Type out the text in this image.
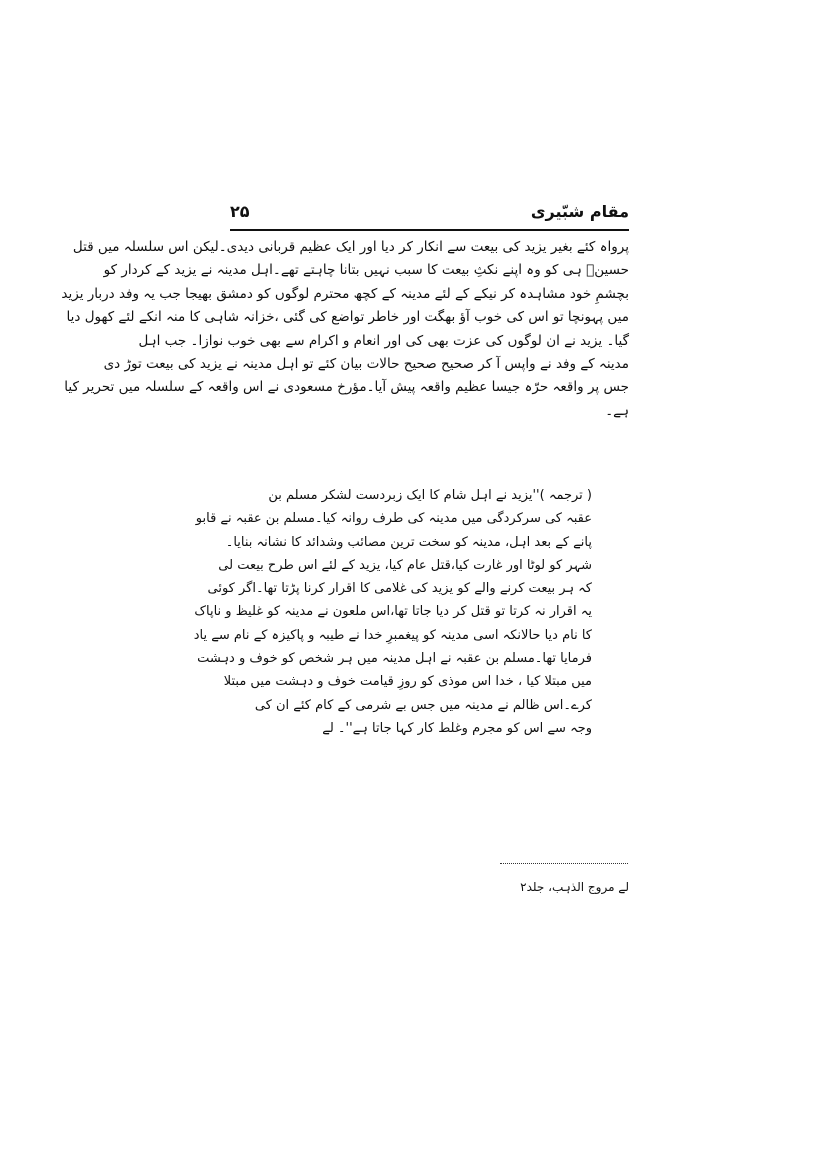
مقام شبّیری
۲۵
پرواہ کئے بغیر یزید کی بیعت سے انکار کر دیا اور ایک عظیم قربانی دیدی۔لیکن اس سلسلہ میں قتل
حسینؑ ہی کو وہ اپنے نکثِ بیعت کا سبب نہیں بتانا چاہتے تھے۔اہل مدینہ نے یزید کے کردار کو
بچشمِ خود مشاہدہ کر نیکے کے لئے مدینہ کے کچھ محترم لوگوں کو دمشق بھیجا جب یہ وفد دربار یزید
میں پہونچا تو اس کی خوب آؤ بھگت اور خاطر تواضع کی گئی ،خزانہ شاہی کا منہ انکے لئے کھول دیا
گیا۔ یزید نے ان لوگوں کی عزت بھی کی اور انعام و اکرام سے بھی خوب نوازا۔ جب اہل
مدینہ کے وفد نے واپس آ کر صحیح صحیح حالات بیان کئے تو اہل مدینہ نے یزید کی بیعت توڑ دی
جس پر واقعہ حرّہ جیسا عظیم واقعہ پیش آیا۔مؤرخ مسعودی نے اس واقعہ کے سلسلہ میں تحریر کیا
ہے۔
( ترجمہ )''یزید نے اہل شام کا ایک زبردست لشکر مسلم بن
عقبہ کی سرکردگی میں مدینہ کی طرف روانہ کیا۔مسلم بن عقبہ نے قابو
پانے کے بعد اہل، مدینہ کو سخت ترین مصائب وشدائد کا نشانہ بنایا۔
شہر کو لوٹا اور غارت کیا،قتل عام کیا، یزید کے لئے اس طرح بیعت لی
کہ ہر بیعت کرنے والے کو یزید کی غلامی کا اقرار کرنا پڑتا تھا۔اگر کوئی
یہ اقرار نہ کرتا تو قتل کر دیا جاتا تھا،اس ملعون نے مدینہ کو غلیظ و ناپاک
کا نام دیا حالانکہ اسی مدینہ کو پیغمبرِ خدا نے طیبہ و پاکیزہ کے نام سے یاد
فرمایا تھا۔مسلم بن عقبہ نے اہل مدینہ میں ہر شخص کو خوف و دہشت
میں مبتلا کیا ، خدا اس موذی کو روزِ قیامت خوف و دہشت میں مبتلا
کرے۔اس ظالم نے مدینہ میں جس بے شرمی کے کام کئے ان کی
وجہ سے اس کو مجرم وغلط کار کہا جاتا ہے''۔ لے
لے مروج الذہب، جلد۲
